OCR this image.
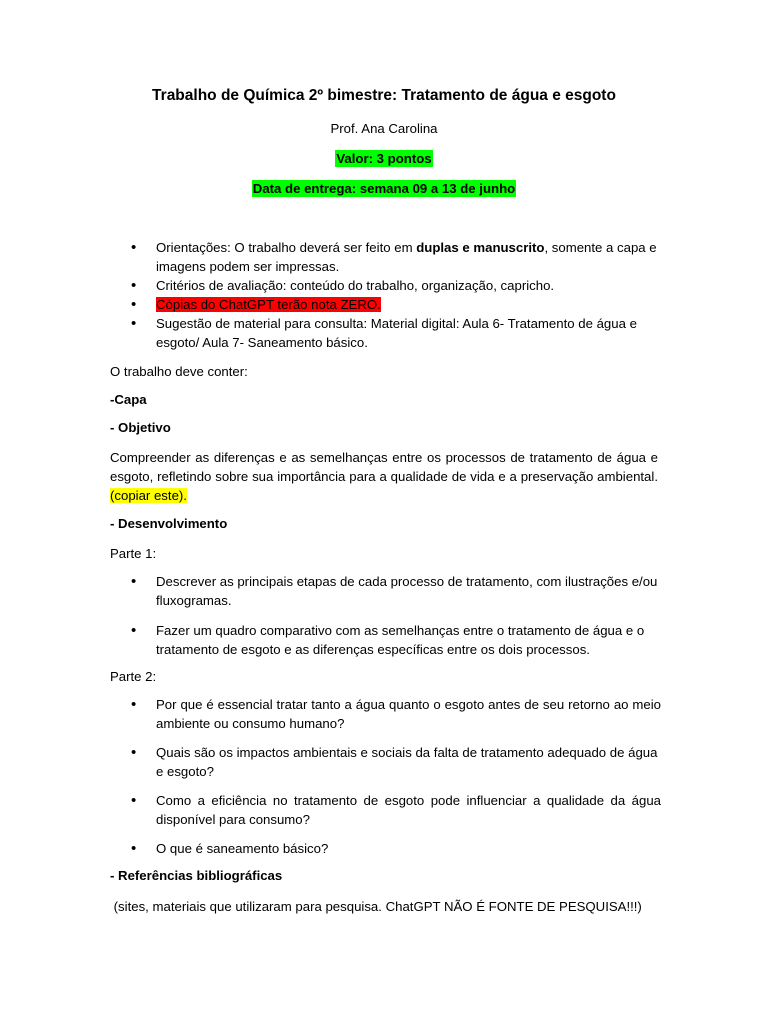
Trabalho de Química 2º bimestre: Tratamento de água e esgoto
Prof. Ana Carolina
Valor: 3 pontos
Data de entrega: semana 09 a 13 de junho
• Orientações: O trabalho deverá ser feito em duplas e manuscrito, somente a capa e imagens podem ser impressas.
• Critérios de avaliação: conteúdo do trabalho, organização, capricho.
• Cópias do ChatGPT terão nota ZERO.
• Sugestão de material para consulta: Material digital: Aula 6- Tratamento de água e esgoto/ Aula 7- Saneamento básico.

O trabalho deve conter:

-Capa

- Objetivo

Compreender as diferenças e as semelhanças entre os processos de tratamento de água e esgoto, refletindo sobre sua importância para a qualidade de vida e a preservação ambiental. (copiar este).

- Desenvolvimento

Parte 1:

• Descrever as principais etapas de cada processo de tratamento, com ilustrações e/ou fluxogramas.
• Fazer um quadro comparativo com as semelhanças entre o tratamento de água e o tratamento de esgoto e as diferenças específicas entre os dois processos.

Parte 2:

• Por que é essencial tratar tanto a água quanto o esgoto antes de seu retorno ao meio ambiente ou consumo humano?
• Quais são os impactos ambientais e sociais da falta de tratamento adequado de água e esgoto?
• Como a eficiência no tratamento de esgoto pode influenciar a qualidade da água disponível para consumo?
• O que é saneamento básico?

- Referências bibliográficas

(sites, materiais que utilizaram para pesquisa. ChatGPT NÃO É FONTE DE PESQUISA!!!)
